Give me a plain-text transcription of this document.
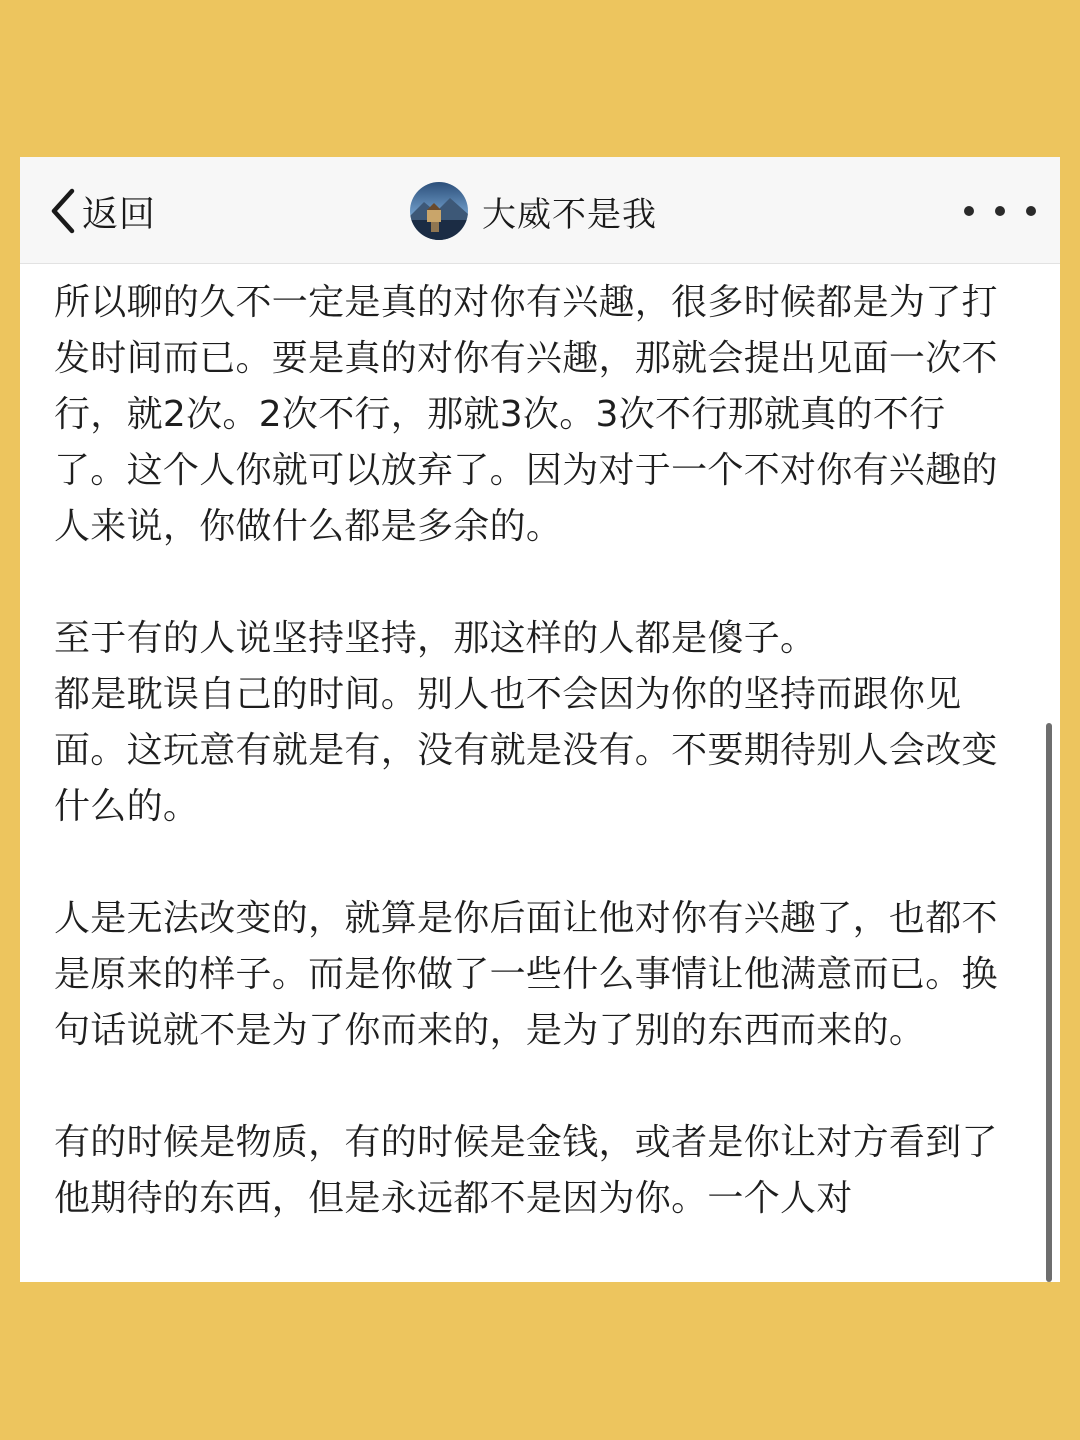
返回	大威不是我

所以聊的久不一定是真的对你有兴趣，很多时候都是为了打发时间而已。要是真的对你有兴趣，那就会提出见面一次不行，就2次。2次不行，那就3次。3次不行那就真的不行了。这个人你就可以放弃了。因为对于一个不对你有兴趣的人来说，你做什么都是多余的。

至于有的人说坚持坚持，那这样的人都是傻子。
都是耽误自己的时间。别人也不会因为你的坚持而跟你见面。这玩意有就是有，没有就是没有。不要期待别人会改变什么的。

人是无法改变的，就算是你后面让他对你有兴趣了，也都不是原来的样子。而是你做了一些什么事情让他满意而已。换句话说就不是为了你而来的，是为了别的东西而来的。

有的时候是物质，有的时候是金钱，或者是你让对方看到了他期待的东西，但是永远都不是因为你。一个人对
